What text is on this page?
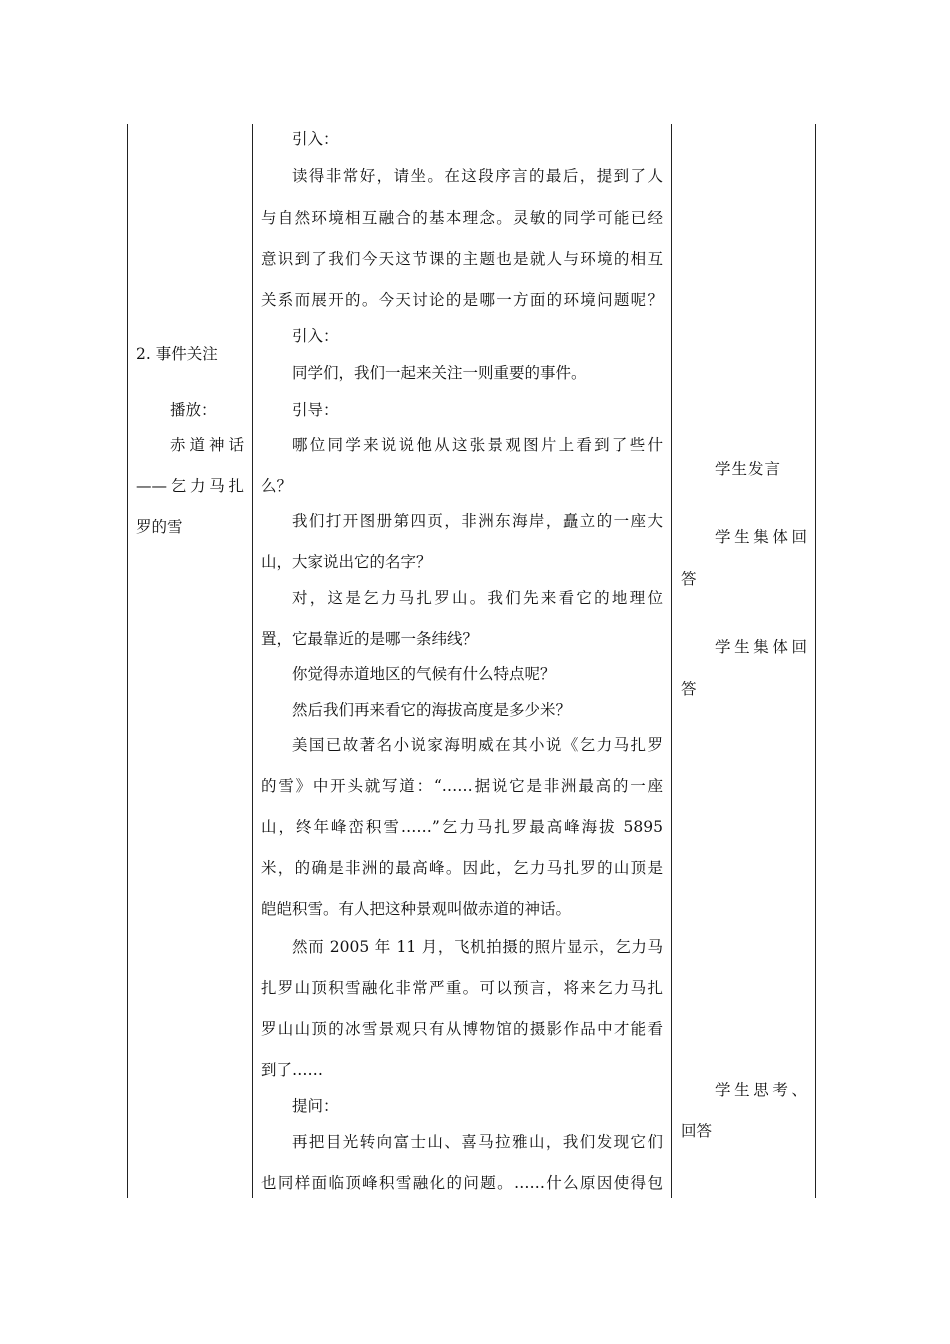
2. 事件关注
播放：
赤道神话
——乞力马扎
罗的雪
引入：
读得非常好，请坐。在这段序言的最后，提到了人
与自然环境相互融合的基本理念。灵敏的同学可能已经
意识到了我们今天这节课的主题也是就人与环境的相互
关系而展开的。今天讨论的是哪一方面的环境问题呢？
引入：
同学们，我们一起来关注一则重要的事件。
引导：
哪位同学来说说他从这张景观图片上看到了些什
么？
我们打开图册第四页，非洲东海岸，矗立的一座大
山，大家说出它的名字？
对，这是乞力马扎罗山。我们先来看它的地理位
置，它最靠近的是哪一条纬线？
你觉得赤道地区的气候有什么特点呢？
然后我们再来看它的海拔高度是多少米？
美国已故著名小说家海明威在其小说《乞力马扎罗
的雪》中开头就写道：“……据说它是非洲最高的一座
山，终年峰峦积雪……”乞力马扎罗最高峰海拔 5895
米，的确是非洲的最高峰。因此，乞力马扎罗的山顶是
皑皑积雪。有人把这种景观叫做赤道的神话。
然而 2005 年 11 月，飞机拍摄的照片显示，乞力马
扎罗山顶积雪融化非常严重。可以预言，将来乞力马扎
罗山山顶的冰雪景观只有从博物馆的摄影作品中才能看
到了……
提问：
再把目光转向富士山、喜马拉雅山，我们发现它们
也同样面临顶峰积雪融化的问题。……什么原因使得包
学生发言
学生集体回
答
学生集体回
答
学生思考、
回答
